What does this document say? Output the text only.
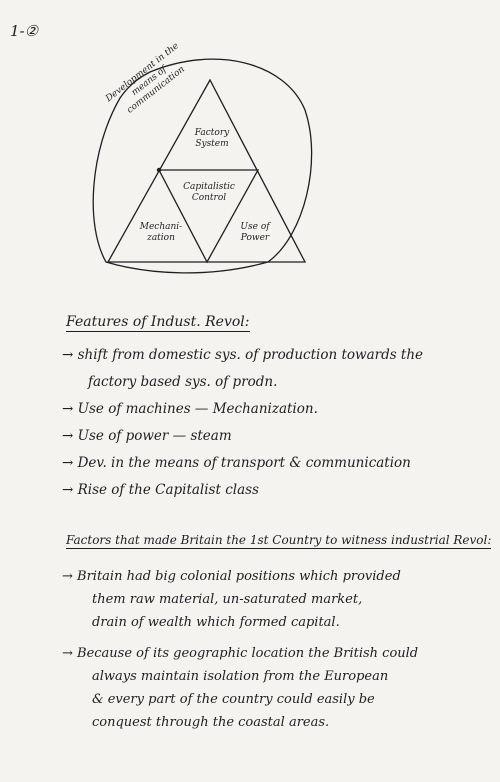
1-②
Development in the means of communication
Factory System
Capitalistic Control
Mechani-zation
Use of Power
Features of Indust. Revol:
→ shift from domestic sys. of production towards the
factory based sys. of prodn.
→ Use of machines — Mechanization.
→ Use of power — steam
→ Dev. in the means of transport & communication
→ Rise of the Capitalist class
Factors that made Britain the 1st Country to witness industrial Revol:
→ Britain had big colonial positions which provided
them raw material, un-saturated market,
drain of wealth which formed capital.
→ Because of its geographic location the British could
always maintain isolation from the European
& every part of the country could easily be
conquest through the coastal areas.
